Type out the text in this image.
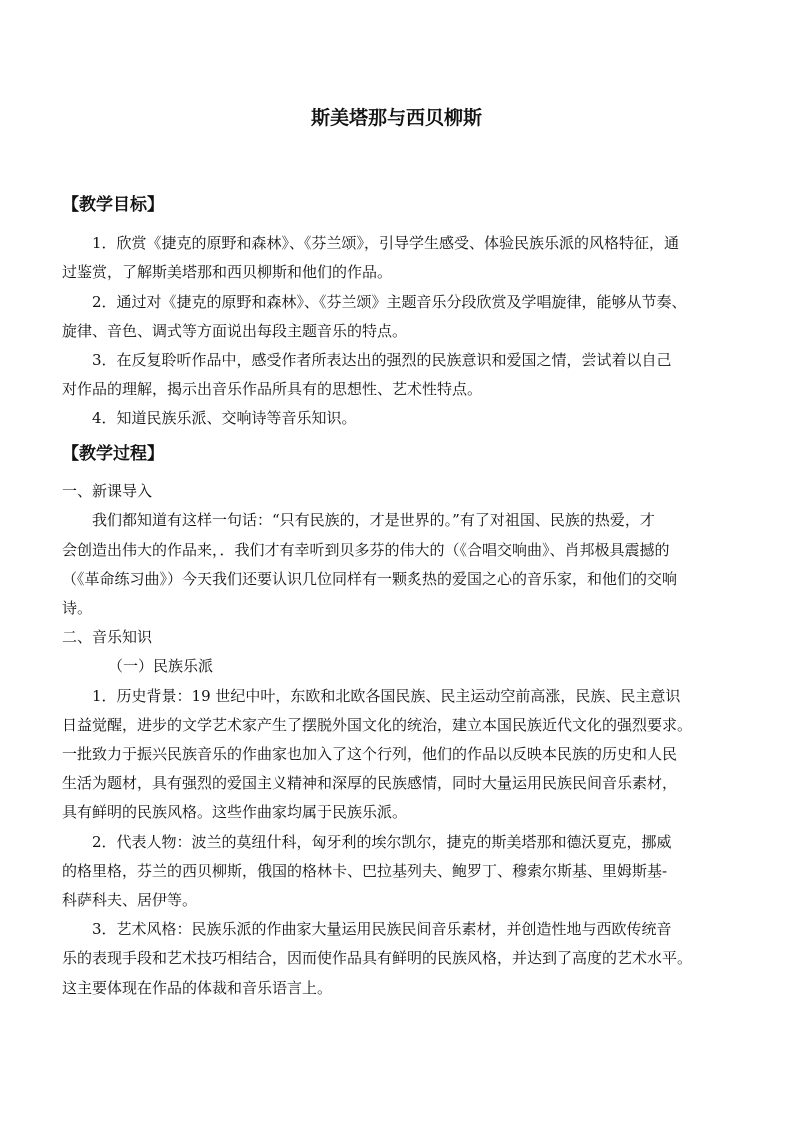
斯美塔那与西贝柳斯
【教学目标】
1．欣赏《捷克的原野和森林》、《芬兰颂》，引导学生感受、体验民族乐派的风格特征，通
过鉴赏，了解斯美塔那和西贝柳斯和他们的作品。
2．通过对《捷克的原野和森林》、《芬兰颂》主题音乐分段欣赏及学唱旋律，能够从节奏、
旋律、音色、调式等方面说出每段主题音乐的特点。
3．在反复聆听作品中，感受作者所表达出的强烈的民族意识和爱国之情，尝试着以自己
对作品的理解，揭示出音乐作品所具有的思想性、艺术性特点。
4．知道民族乐派、交响诗等音乐知识。
【教学过程】
一、新课导入
我们都知道有这样一句话：“只有民族的，才是世界的。”有了对祖国、民族的热爱，才
会创造出伟大的作品来，．我们才有幸听到贝多芬的伟大的（《合唱交响曲》、肖邦极具震撼的
（《革命练习曲》）今天我们还要认识几位同样有一颗炙热的爱国之心的音乐家，和他们的交响
诗。
二、音乐知识
（一）民族乐派
1．历史背景：19 世纪中叶，东欧和北欧各国民族、民主运动空前高涨，民族、民主意识
日益觉醒，进步的文学艺术家产生了摆脱外国文化的统治，建立本国民族近代文化的强烈要求。
一批致力于振兴民族音乐的作曲家也加入了这个行列，他们的作品以反映本民族的历史和人民
生活为题材，具有强烈的爱国主义精神和深厚的民族感情，同时大量运用民族民间音乐素材，
具有鲜明的民族风格。这些作曲家均属于民族乐派。
2．代表人物：波兰的莫纽什科，匈牙利的埃尔凯尔，捷克的斯美塔那和德沃夏克，挪威
的格里格，芬兰的西贝柳斯，俄国的格林卡、巴拉基列夫、鲍罗丁、穆索尔斯基、里姆斯基-
科萨科夫、居伊等。
3．艺术风格：民族乐派的作曲家大量运用民族民间音乐素材，并创造性地与西欧传统音
乐的表现手段和艺术技巧相结合，因而使作品具有鲜明的民族风格，并达到了高度的艺术水平。
这主要体现在作品的体裁和音乐语言上。
